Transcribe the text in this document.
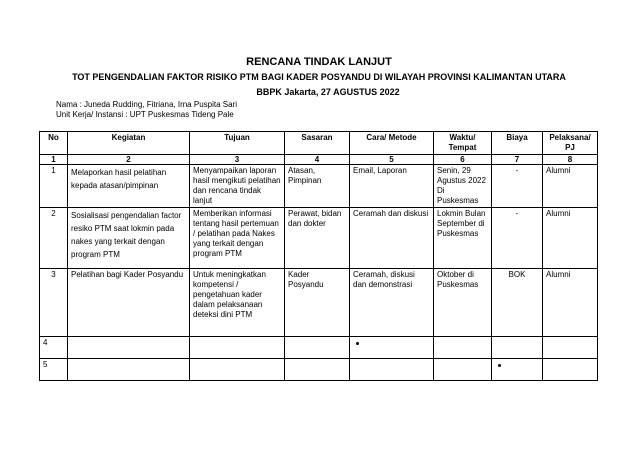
RENCANA TINDAK LANJUT
TOT PENGENDALIAN FAKTOR RISIKO PTM BAGI KADER POSYANDU DI WILAYAH PROVINSI KALIMANTAN UTARA
BBPK Jakarta, 27 AGUSTUS 2022
Nama : Juneda Rudding, Fitriana, Irna Puspita Sari
Unit Kerja/ Instansi : UPT Puskesmas Tideng Pale
No	Kegiatan	Tujuan	Sasaran	Cara/ Metode	Waktu/ Tempat	Biaya	Pelaksana/ PJ
1	2	3	4	5	6	7	8
1	Melaporkan hasil pelatihan kepada atasan/pimpinan	Menyampaikan laporan hasil mengikuti pelatihan dan rencana tindak lanjut	Atasan, Pimpinan	Email, Laporan	Senin, 29 Agustus 2022 Di Puskesmas	-	Alumni
2	Sosialisasi pengendalian factor resiko PTM saat lokmin pada nakes yang terkait dengan program PTM	Memberikan informasi tentang hasil pertemuan / pelatihan pada Nakes yang terkait dengan program PTM	Perawat, bidan dan dokter	Ceramah dan diskusi	Lokmin Bulan September di Puskesmas	-	Alumni
3	Pelatihan bagi Kader Posyandu	Untuk meningkatkan kompetensi / pengetahuan kader dalam pelaksanaan deteksi dini PTM	Kader Posyandu	Ceramah, diskusi dan demonstrasi	Oktober di Puskesmas	BOK	Alumni
4							
5							
